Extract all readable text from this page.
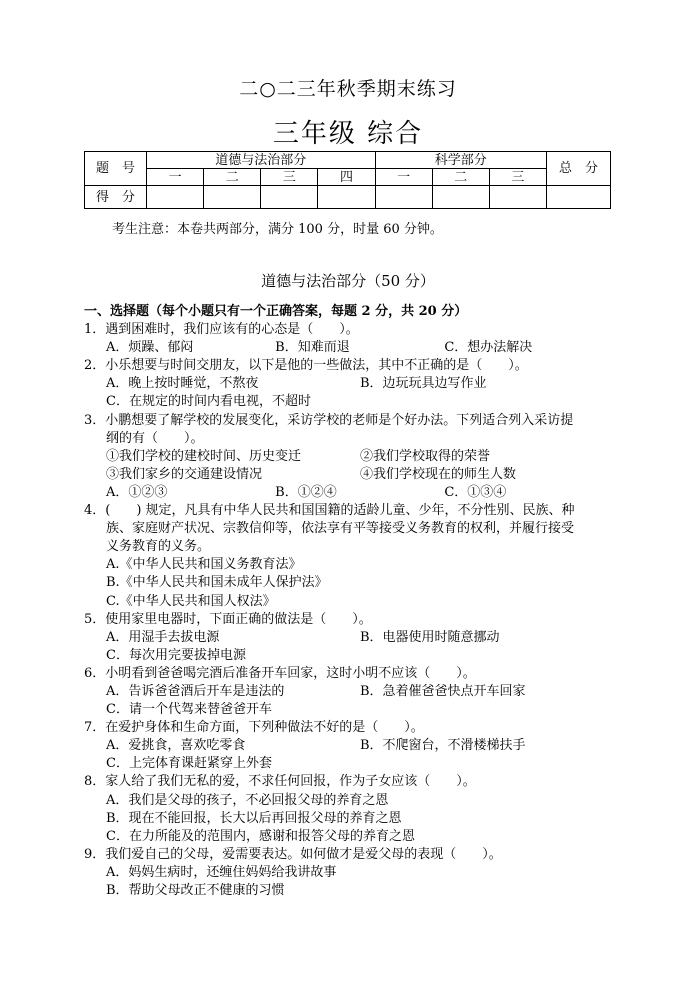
二○二三年秋季期末练习
三年级 综合
题　号	道德与法治部分				科学部分			总　分
	一	二	三	四	一	二	三	
得　分								
考生注意：本卷共两部分，满分 100 分，时量 60 分钟。
道德与法治部分（50 分）
一、选择题（每个小题只有一个正确答案，每题 2 分，共 20 分）
1．遇到困难时，我们应该有的心态是（　　）。
A．烦躁、郁闷	B．知难而退	C．想办法解决
2．小乐想要与时间交朋友，以下是他的一些做法，其中不正确的是（　　）。
A．晚上按时睡觉，不熬夜	B．边玩玩具边写作业
C．在规定的时间内看电视，不超时
3．小鹏想要了解学校的发展变化，采访学校的老师是个好办法。下列适合列入采访提
纲的有（　　）。
①我们学校的建校时间、历史变迁	②我们学校取得的荣誉
③我们家乡的交通建设情况	④我们学校现在的师生人数
A．①②③	B．①②④	C．①③④
4．(　　) 规定，凡具有中华人民共和国国籍的适龄儿童、少年，不分性别、民族、种
族、家庭财产状况、宗教信仰等，依法享有平等接受义务教育的权利，并履行接受
义务教育的义务。
A.《中华人民共和国义务教育法》
B.《中华人民共和国未成年人保护法》
C.《中华人民共和国人权法》
5．使用家里电器时，下面正确的做法是（　　）。
A．用湿手去拔电源	B．电器使用时随意挪动
C．每次用完要拔掉电源
6．小明看到爸爸喝完酒后准备开车回家，这时小明不应该（　　）。
A．告诉爸爸酒后开车是违法的	B．急着催爸爸快点开车回家
C．请一个代驾来替爸爸开车
7．在爱护身体和生命方面，下列种做法不好的是（　　）。
A．爱挑食，喜欢吃零食	B．不爬窗台，不滑楼梯扶手
C．上完体育课赶紧穿上外套
8．家人给了我们无私的爱，不求任何回报，作为子女应该（　　）。
A．我们是父母的孩子，不必回报父母的养育之恩
B．现在不能回报，长大以后再回报父母的养育之恩
C．在力所能及的范围内，感谢和报答父母的养育之恩
9．我们爱自己的父母，爱需要表达。如何做才是爱父母的表现（　　）。
A．妈妈生病时，还缠住妈妈给我讲故事
B．帮助父母改正不健康的习惯
